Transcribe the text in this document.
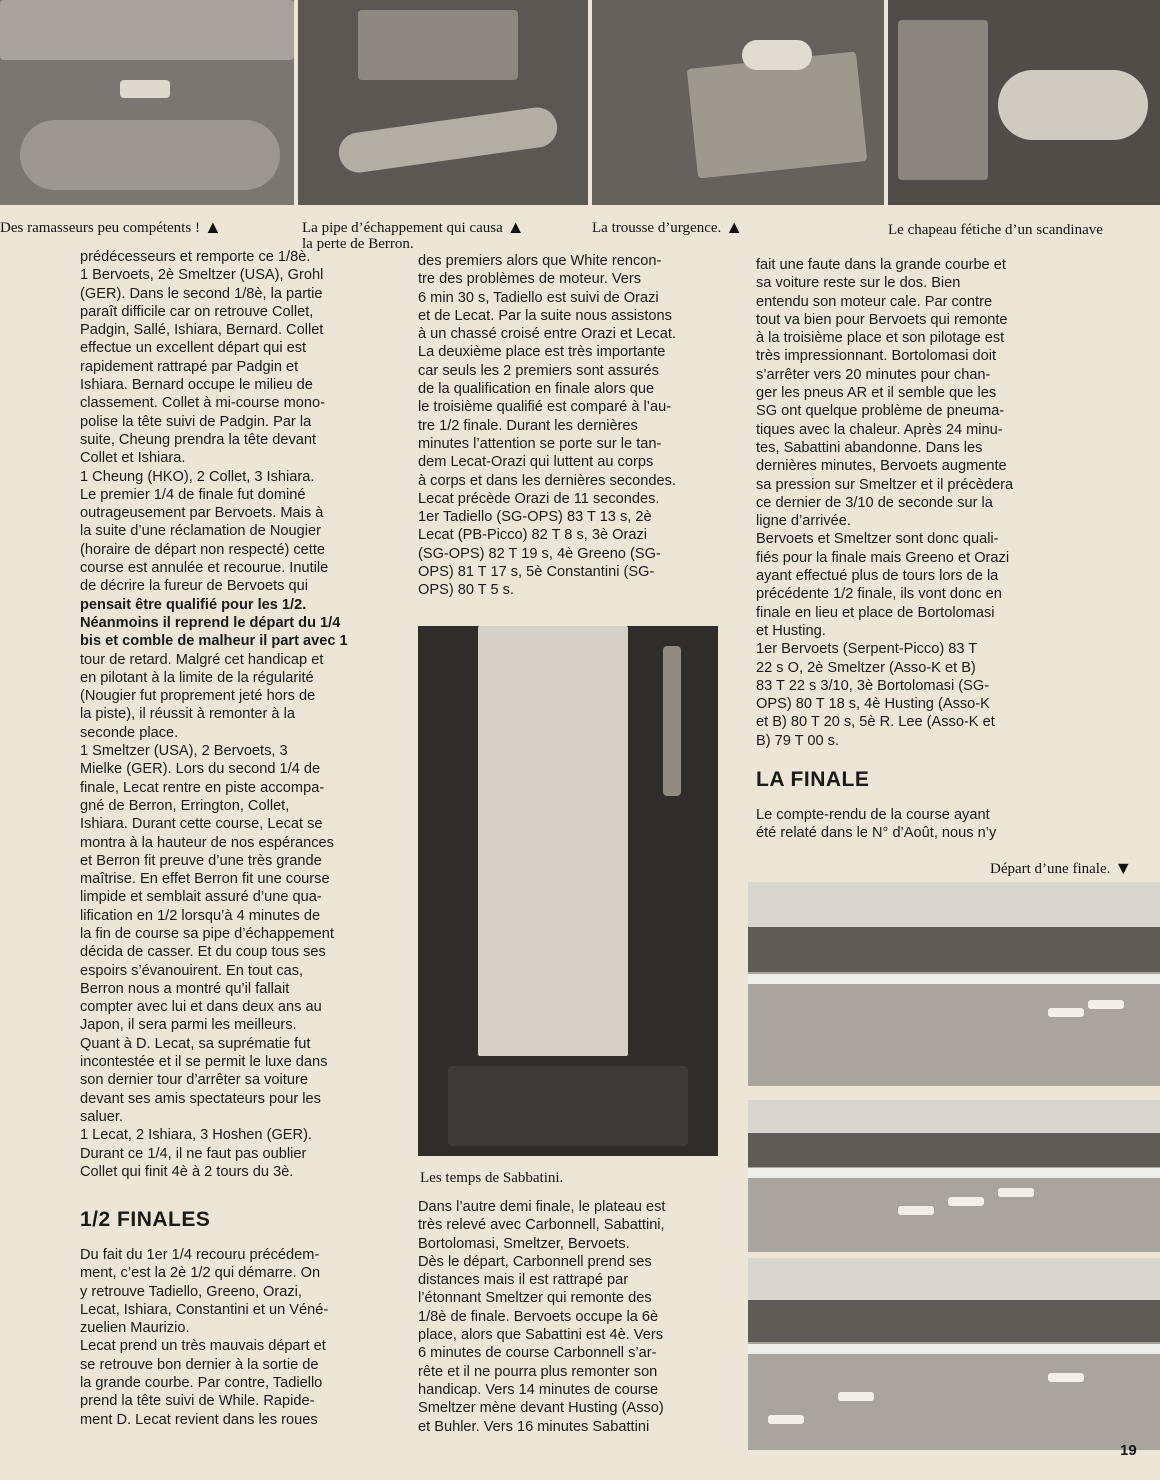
Des ramasseurs peu compétents ! ▲	La pipe d’échappement qui causa ▲
la perte de Berron.
La trousse d’urgence. ▲	Le chapeau fétiche d’un scandinave

prédécesseurs et remporte ce 1/8è.

1 Bervoets, 2è Smeltzer (USA), Grohl

(GER). Dans le second 1/8è, la partie

paraît difficile car on retrouve Collet,

Padgin, Sallé, Ishiara, Bernard. Collet

effectue un excellent départ qui est

rapidement rattrapé par Padgin et

Ishiara. Bernard occupe le milieu de

classement. Collet à mi-course mono-

polise la tête suivi de Padgin. Par la

suite, Cheung prendra la tête devant

Collet et Ishiara.

1 Cheung (HKO), 2 Collet, 3 Ishiara.

Le premier 1/4 de finale fut dominé

outrageusement par Bervoets. Mais à

la suite d’une réclamation de Nougier

(horaire de départ non respecté) cette

course est annulée et recourue. Inutile

de décrire la fureur de Bervoets qui

pensait être qualifié pour les 1/2.

Néanmoins il reprend le départ du 1/4

bis et comble de malheur il part avec 1

tour de retard. Malgré cet handicap et

en pilotant à la limite de la régularité

(Nougier fut proprement jeté hors de

la piste), il réussit à remonter à la

seconde place.

1 Smeltzer (USA), 2 Bervoets, 3

Mielke (GER). Lors du second 1/4 de

finale, Lecat rentre en piste accompa-

gné de Berron, Errington, Collet,

Ishiara. Durant cette course, Lecat se

montra à la hauteur de nos espérances

et Berron fit preuve d’une très grande

maîtrise. En effet Berron fit une course

limpide et semblait assuré d’une qua-

lification en 1/2 lorsqu’à 4 minutes de

la fin de course sa pipe d’échappement

décida de casser. Et du coup tous ses

espoirs s’évanouirent. En tout cas,

Berron nous a montré qu’il fallait

compter avec lui et dans deux ans au

Japon, il sera parmi les meilleurs.

Quant à D. Lecat, sa suprématie fut

incontestée et il se permit le luxe dans

son dernier tour d’arrêter sa voiture

devant ses amis spectateurs pour les

saluer.

1 Lecat, 2 Ishiara, 3 Hoshen (GER).

Durant ce 1/4, il ne faut pas oublier

Collet qui finit 4è à 2 tours du 3è.

1/2 FINALES

Du fait du 1er 1/4 recouru précédem-

ment, c’est la 2è 1/2 qui démarre. On

y retrouve Tadiello, Greeno, Orazi,

Lecat, Ishiara, Constantini et un Véné-

zuelien Maurizio.

Lecat prend un très mauvais départ et

se retrouve bon dernier à la sortie de

la grande courbe. Par contre, Tadiello

prend la tête suivi de While. Rapide-

ment D. Lecat revient dans les roues

des premiers alors que White rencon-

tre des problèmes de moteur. Vers

6 min 30 s, Tadiello est suivi de Orazi

et de Lecat. Par la suite nous assistons

à un chassé croisé entre Orazi et Lecat.

La deuxième place est très importante

car seuls les 2 premiers sont assurés

de la qualification en finale alors que

le troisième qualifié est comparé à l’au-

tre 1/2 finale. Durant les dernières

minutes l’attention se porte sur le tan-

dem Lecat-Orazi qui luttent au corps

à corps et dans les dernières secondes.

Lecat précède Orazi de 11 secondes.

1er Tadiello (SG-OPS) 83 T 13 s, 2è

Lecat (PB-Picco) 82 T 8 s, 3è Orazi

(SG-OPS) 82 T 19 s, 4è Greeno (SG-

OPS) 81 T 17 s, 5è Constantini (SG-

OPS) 80 T 5 s.

Les temps de Sabbatini.

Dans l’autre demi finale, le plateau est

très relevé avec Carbonnell, Sabattini,

Bortolomasi, Smeltzer, Bervoets.

Dès le départ, Carbonnell prend ses

distances mais il est rattrapé par

l’étonnant Smeltzer qui remonte des

1/8è de finale. Bervoets occupe la 6è

place, alors que Sabattini est 4è. Vers

6 minutes de course Carbonnell s’ar-

rête et il ne pourra plus remonter son

handicap. Vers 14 minutes de course

Smeltzer mène devant Husting (Asso)

et Buhler. Vers 16 minutes Sabattini

fait une faute dans la grande courbe et

sa voiture reste sur le dos. Bien

entendu son moteur cale. Par contre

tout va bien pour Bervoets qui remonte

à la troisième place et son pilotage est

très impressionnant. Bortolomasi doit

s’arrêter vers 20 minutes pour chan-

ger les pneus AR et il semble que les

SG ont quelque problème de pneuma-

tiques avec la chaleur. Après 24 minu-

tes, Sabattini abandonne. Dans les

dernières minutes, Bervoets augmente

sa pression sur Smeltzer et il précèdera

ce dernier de 3/10 de seconde sur la

ligne d’arrivée.

Bervoets et Smeltzer sont donc quali-

fiés pour la finale mais Greeno et Orazi

ayant effectué plus de tours lors de la

précédente 1/2 finale, ils vont donc en

finale en lieu et place de Bortolomasi

et Husting.

1er Bervoets (Serpent-Picco) 83 T

22 s O, 2è Smeltzer (Asso-K et B)

83 T 22 s 3/10, 3è Bortolomasi (SG-

OPS) 80 T 18 s, 4è Husting (Asso-K

et B) 80 T 20 s, 5è R. Lee (Asso-K et

B) 79 T 00 s.

LA FINALE

Le compte-rendu de la course ayant

été relaté dans le N° d’Août, nous n’y

Départ d’une finale. ▼
19
